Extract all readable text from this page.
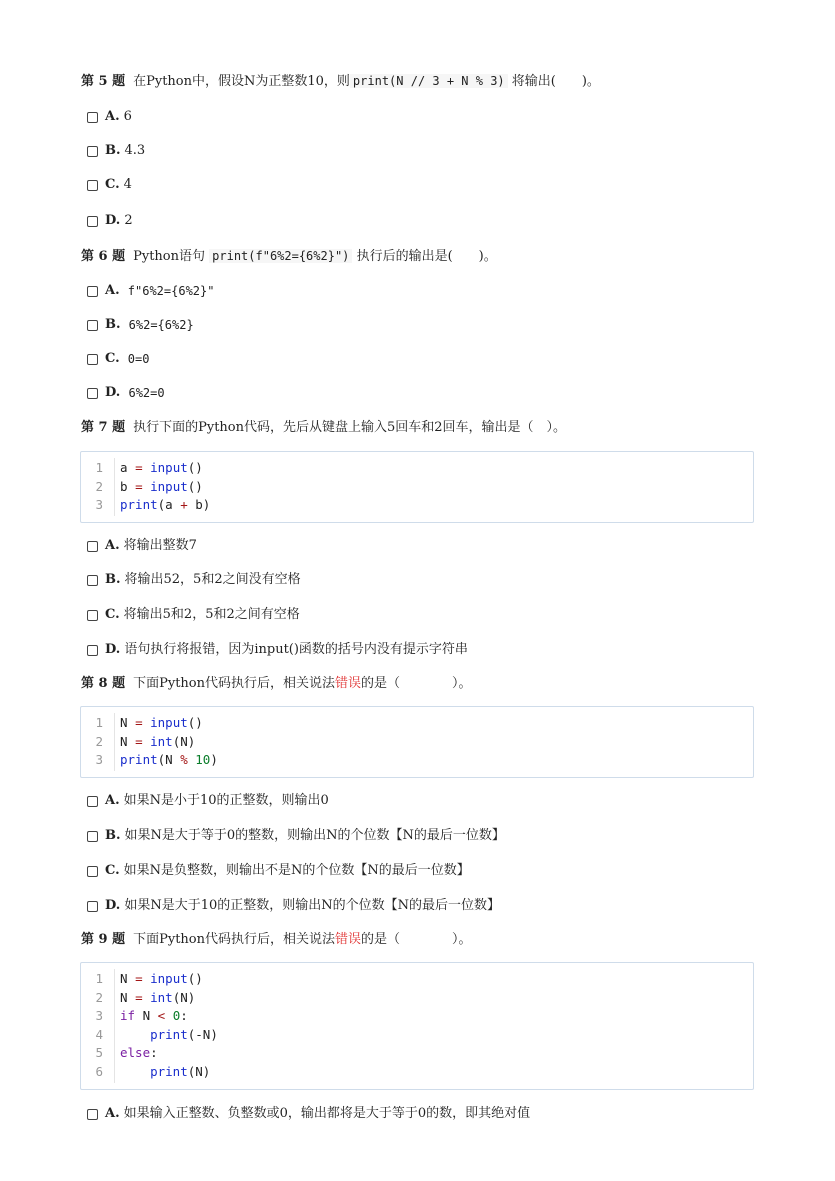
第 5 题 在Python中，假设N为正整数10，则 print(N // 3 + N % 3) 将输出(　　)。
A. 6
B. 4.3
C. 4
D. 2
第 6 题 Python语句 print(f"6%2={6%2}") 执行后的输出是(　　)。
A.
f"6%2={6%2}"
B.
6%2={6%2}
C.
0=0
D.
6%2=0
第 7 题 执行下面的Python代码，先后从键盘上输入5回车和2回车，输出是（　）。
1 a = input()
2 b = input()
3 print(a + b)
A. 将输出整数7
B. 将输出52，5和2之间没有空格
C. 将输出5和2，5和2之间有空格
D. 语句执行将报错，因为input()函数的括号内没有提示字符串
第 8 题 下面Python代码执行后，相关说法错误的是（　　　　）。
1 N = input()
2 N = int(N)
3 print(N % 10)
A. 如果N是小于10的正整数，则输出0
B. 如果N是大于等于0的整数，则输出N的个位数【N的最后一位数】
C. 如果N是负整数，则输出不是N的个位数【N的最后一位数】
D. 如果N是大于10的正整数，则输出N的个位数【N的最后一位数】
第 9 题 下面Python代码执行后，相关说法错误的是（　　　　）。
1 N = input()
2 N = int(N)
3 if N < 0:
4	print(-N)
5 else:
6	print(N)
A. 如果输入正整数、负整数或0，输出都将是大于等于0的数，即其绝对值
